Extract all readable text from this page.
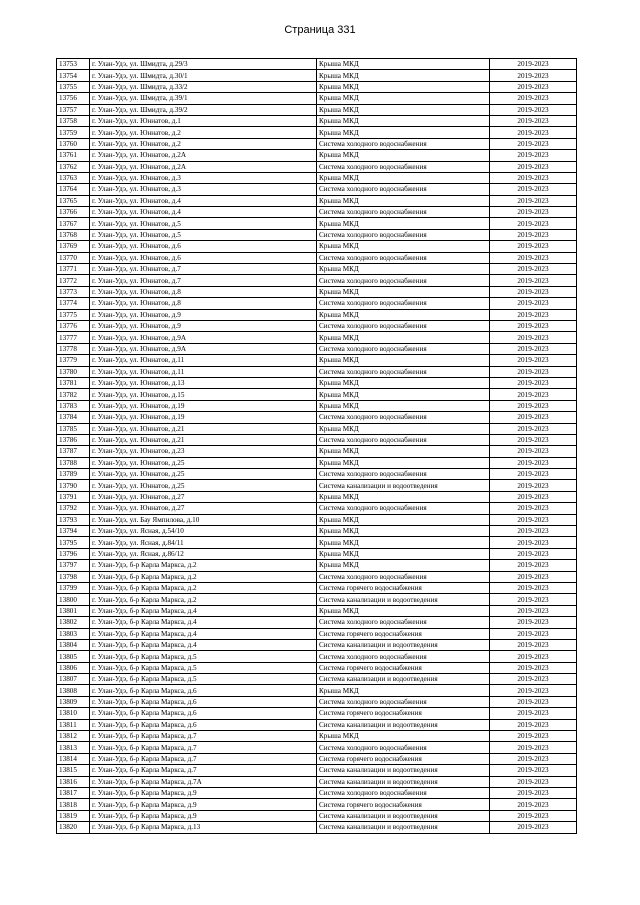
Страница 331
13753	г. Улан-Удэ, ул. Шмидта, д.29/3	Крыша МКД	2019-2023
13754	г. Улан-Удэ, ул. Шмидта, д.30/1	Крыша МКД	2019-2023
13755	г. Улан-Удэ, ул. Шмидта, д.33/2	Крыша МКД	2019-2023
13756	г. Улан-Удэ, ул. Шмидта, д.39/1	Крыша МКД	2019-2023
13757	г. Улан-Удэ, ул. Шмидта, д.39/2	Крыша МКД	2019-2023
13758	г. Улан-Удэ, ул. Юннатов, д.1	Крыша МКД	2019-2023
13759	г. Улан-Удэ, ул. Юннатов, д.2	Крыша МКД	2019-2023
13760	г. Улан-Удэ, ул. Юннатов, д.2	Система холодного водоснабжения	2019-2023
13761	г. Улан-Удэ, ул. Юннатов, д.2А	Крыша МКД	2019-2023
13762	г. Улан-Удэ, ул. Юннатов, д.2А	Система холодного водоснабжения	2019-2023
13763	г. Улан-Удэ, ул. Юннатов, д.3	Крыша МКД	2019-2023
13764	г. Улан-Удэ, ул. Юннатов, д.3	Система холодного водоснабжения	2019-2023
13765	г. Улан-Удэ, ул. Юннатов, д.4	Крыша МКД	2019-2023
13766	г. Улан-Удэ, ул. Юннатов, д.4	Система холодного водоснабжения	2019-2023
13767	г. Улан-Удэ, ул. Юннатов, д.5	Крыша МКД	2019-2023
13768	г. Улан-Удэ, ул. Юннатов, д.5	Система холодного водоснабжения	2019-2023
13769	г. Улан-Удэ, ул. Юннатов, д.6	Крыша МКД	2019-2023
13770	г. Улан-Удэ, ул. Юннатов, д.6	Система холодного водоснабжения	2019-2023
13771	г. Улан-Удэ, ул. Юннатов, д.7	Крыша МКД	2019-2023
13772	г. Улан-Удэ, ул. Юннатов, д.7	Система холодного водоснабжения	2019-2023
13773	г. Улан-Удэ, ул. Юннатов, д.8	Крыша МКД	2019-2023
13774	г. Улан-Удэ, ул. Юннатов, д.8	Система холодного водоснабжения	2019-2023
13775	г. Улан-Удэ, ул. Юннатов, д.9	Крыша МКД	2019-2023
13776	г. Улан-Удэ, ул. Юннатов, д.9	Система холодного водоснабжения	2019-2023
13777	г. Улан-Удэ, ул. Юннатов, д.9А	Крыша МКД	2019-2023
13778	г. Улан-Удэ, ул. Юннатов, д.9А	Система холодного водоснабжения	2019-2023
13779	г. Улан-Удэ, ул. Юннатов, д.11	Крыша МКД	2019-2023
13780	г. Улан-Удэ, ул. Юннатов, д.11	Система холодного водоснабжения	2019-2023
13781	г. Улан-Удэ, ул. Юннатов, д.13	Крыша МКД	2019-2023
13782	г. Улан-Удэ, ул. Юннатов, д.15	Крыша МКД	2019-2023
13783	г. Улан-Удэ, ул. Юннатов, д.19	Крыша МКД	2019-2023
13784	г. Улан-Удэ, ул. Юннатов, д.19	Система холодного водоснабжения	2019-2023
13785	г. Улан-Удэ, ул. Юннатов, д.21	Крыша МКД	2019-2023
13786	г. Улан-Удэ, ул. Юннатов, д.21	Система холодного водоснабжения	2019-2023
13787	г. Улан-Удэ, ул. Юннатов, д.23	Крыша МКД	2019-2023
13788	г. Улан-Удэ, ул. Юннатов, д.25	Крыша МКД	2019-2023
13789	г. Улан-Удэ, ул. Юннатов, д.25	Система холодного водоснабжения	2019-2023
13790	г. Улан-Удэ, ул. Юннатов, д.25	Система канализации и водоотведения	2019-2023
13791	г. Улан-Удэ, ул. Юннатов, д.27	Крыша МКД	2019-2023
13792	г. Улан-Удэ, ул. Юннатов, д.27	Система холодного водоснабжения	2019-2023
13793	г. Улан-Удэ, ул. Бау Ямпилова, д.10	Крыша МКД	2019-2023
13794	г. Улан-Удэ, ул. Ясная, д.54/10	Крыша МКД	2019-2023
13795	г. Улан-Удэ, ул. Ясная, д.84/11	Крыша МКД	2019-2023
13796	г. Улан-Удэ, ул. Ясная, д.86/12	Крыша МКД	2019-2023
13797	г. Улан-Удэ, б-р Карла Маркса, д.2	Крыша МКД	2019-2023
13798	г. Улан-Удэ, б-р Карла Маркса, д.2	Система холодного водоснабжения	2019-2023
13799	г. Улан-Удэ, б-р Карла Маркса, д.2	Система горячего водоснабжения	2019-2023
13800	г. Улан-Удэ, б-р Карла Маркса, д.2	Система канализации и водоотведения	2019-2023
13801	г. Улан-Удэ, б-р Карла Маркса, д.4	Крыша МКД	2019-2023
13802	г. Улан-Удэ, б-р Карла Маркса, д.4	Система холодного водоснабжения	2019-2023
13803	г. Улан-Удэ, б-р Карла Маркса, д.4	Система горячего водоснабжения	2019-2023
13804	г. Улан-Удэ, б-р Карла Маркса, д.4	Система канализации и водоотведения	2019-2023
13805	г. Улан-Удэ, б-р Карла Маркса, д.5	Система холодного водоснабжения	2019-2023
13806	г. Улан-Удэ, б-р Карла Маркса, д.5	Система горячего водоснабжения	2019-2023
13807	г. Улан-Удэ, б-р Карла Маркса, д.5	Система канализации и водоотведения	2019-2023
13808	г. Улан-Удэ, б-р Карла Маркса, д.6	Крыша МКД	2019-2023
13809	г. Улан-Удэ, б-р Карла Маркса, д.6	Система холодного водоснабжения	2019-2023
13810	г. Улан-Удэ, б-р Карла Маркса, д.6	Система горячего водоснабжения	2019-2023
13811	г. Улан-Удэ, б-р Карла Маркса, д.6	Система канализации и водоотведения	2019-2023
13812	г. Улан-Удэ, б-р Карла Маркса, д.7	Крыша МКД	2019-2023
13813	г. Улан-Удэ, б-р Карла Маркса, д.7	Система холодного водоснабжения	2019-2023
13814	г. Улан-Удэ, б-р Карла Маркса, д.7	Система горячего водоснабжения	2019-2023
13815	г. Улан-Удэ, б-р Карла Маркса, д.7	Система канализации и водоотведения	2019-2023
13816	г. Улан-Удэ, б-р Карла Маркса, д.7А	Система канализации и водоотведения	2019-2023
13817	г. Улан-Удэ, б-р Карла Маркса, д.9	Система холодного водоснабжения	2019-2023
13818	г. Улан-Удэ, б-р Карла Маркса, д.9	Система горячего водоснабжения	2019-2023
13819	г. Улан-Удэ, б-р Карла Маркса, д.9	Система канализации и водоотведения	2019-2023
13820	г. Улан-Удэ, б-р Карла Маркса, д.13	Система канализации и водоотведения	2019-2023
